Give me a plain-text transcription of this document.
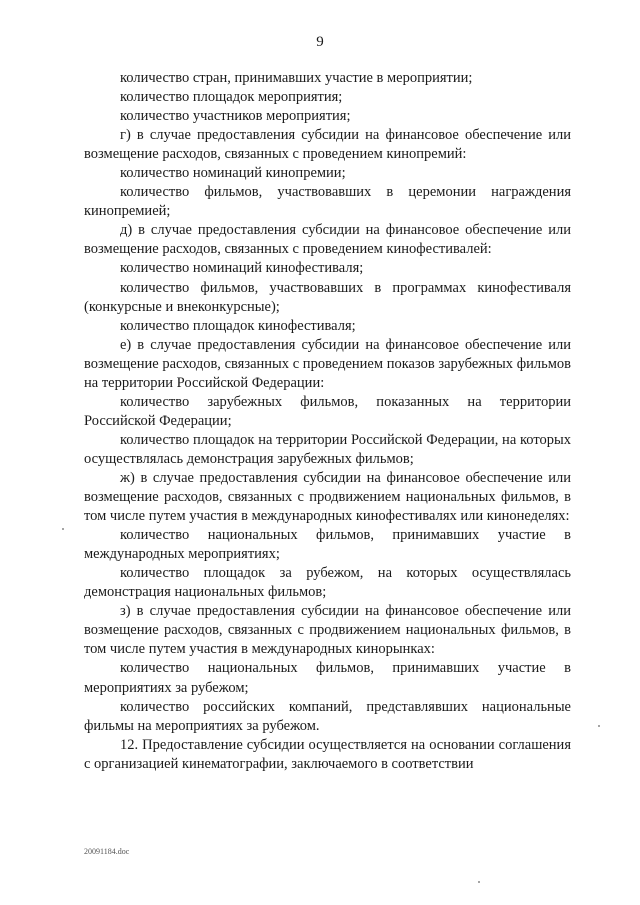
9

количество стран, принимавших участие в мероприятии;

количество площадок мероприятия;

количество участников мероприятия;

г) в случае предоставления субсидии на финансовое обеспечение или возмещение расходов, связанных с проведением кинопремий:

количество номинаций кинопремии;

количество фильмов, участвовавших в церемонии награждения кинопремией;

д) в случае предоставления субсидии на финансовое обеспечение или возмещение расходов, связанных с проведением кинофестивалей:

количество номинаций кинофестиваля;

количество фильмов, участвовавших в программах кинофестиваля (конкурсные и внеконкурсные);

количество площадок кинофестиваля;

е) в случае предоставления субсидии на финансовое обеспечение или возмещение расходов, связанных с проведением показов зарубежных фильмов на территории Российской Федерации:

количество зарубежных фильмов, показанных на территории Российской Федерации;

количество площадок на территории Российской Федерации, на которых осуществлялась демонстрация зарубежных фильмов;

ж) в случае предоставления субсидии на финансовое обеспечение или возмещение расходов, связанных с продвижением национальных фильмов, в том числе путем участия в международных кинофестивалях или кинонеделях:

количество национальных фильмов, принимавших участие в международных мероприятиях;

количество площадок за рубежом, на которых осуществлялась демонстрация национальных фильмов;

з) в случае предоставления субсидии на финансовое обеспечение или возмещение расходов, связанных с продвижением национальных фильмов, в том числе путем участия в международных кинорынках:

количество национальных фильмов, принимавших участие в мероприятиях за рубежом;

количество российских компаний, представлявших национальные фильмы на мероприятиях за рубежом.

12. Предоставление субсидии осуществляется на основании соглашения с организацией кинематографии, заключаемого в соответствии

20091184.doc
